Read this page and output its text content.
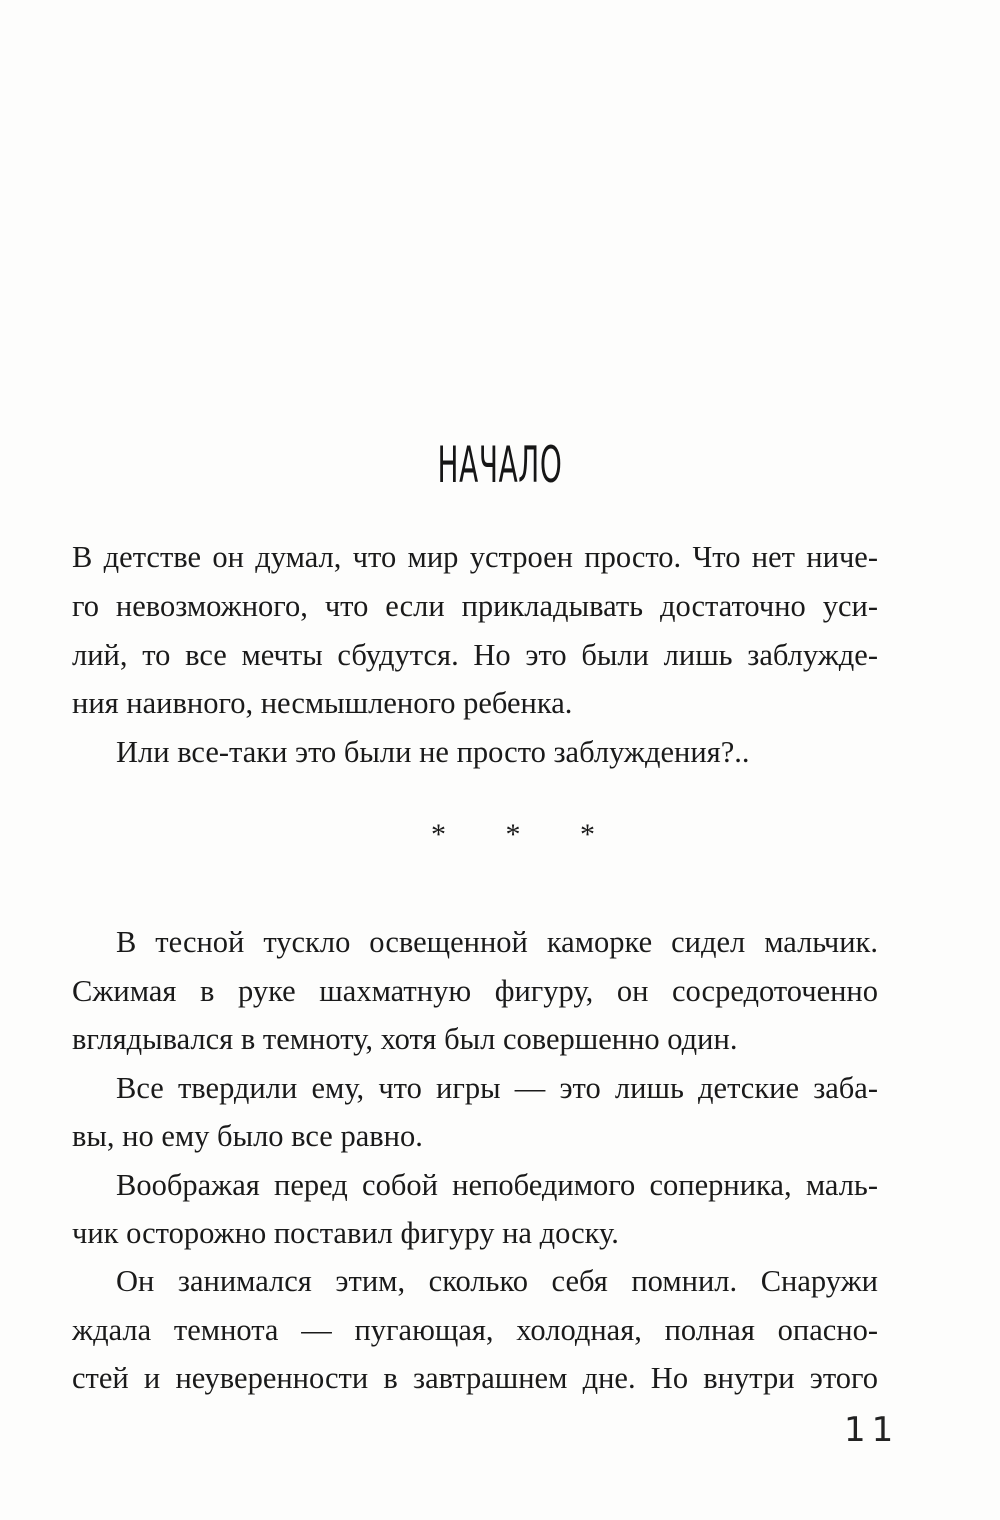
НАЧАЛО

В детстве он думал, что мир устроен просто. Что нет ниче-

го невозможного, что если прикладывать достаточно уси-

лий, то все мечты сбудутся. Но это были лишь заблужде-

ния наивного, несмышленого ребенка.

Или все-таки это были не просто заблуждения?..

* * *

В тесной тускло освещенной каморке сидел мальчик.

Сжимая в руке шахматную фигуру, он сосредоточенно

вглядывался в темноту, хотя был совершенно один.

Все твердили ему, что игры — это лишь детские заба-

вы, но ему было все равно.

Воображая перед собой непобедимого соперника, маль-

чик осторожно поставил фигуру на доску.

Он занимался этим, сколько себя помнил. Снаружи

ждала темнота — пугающая, холодная, полная опасно-

стей и неуверенности в завтрашнем дне. Но внутри этого

11
